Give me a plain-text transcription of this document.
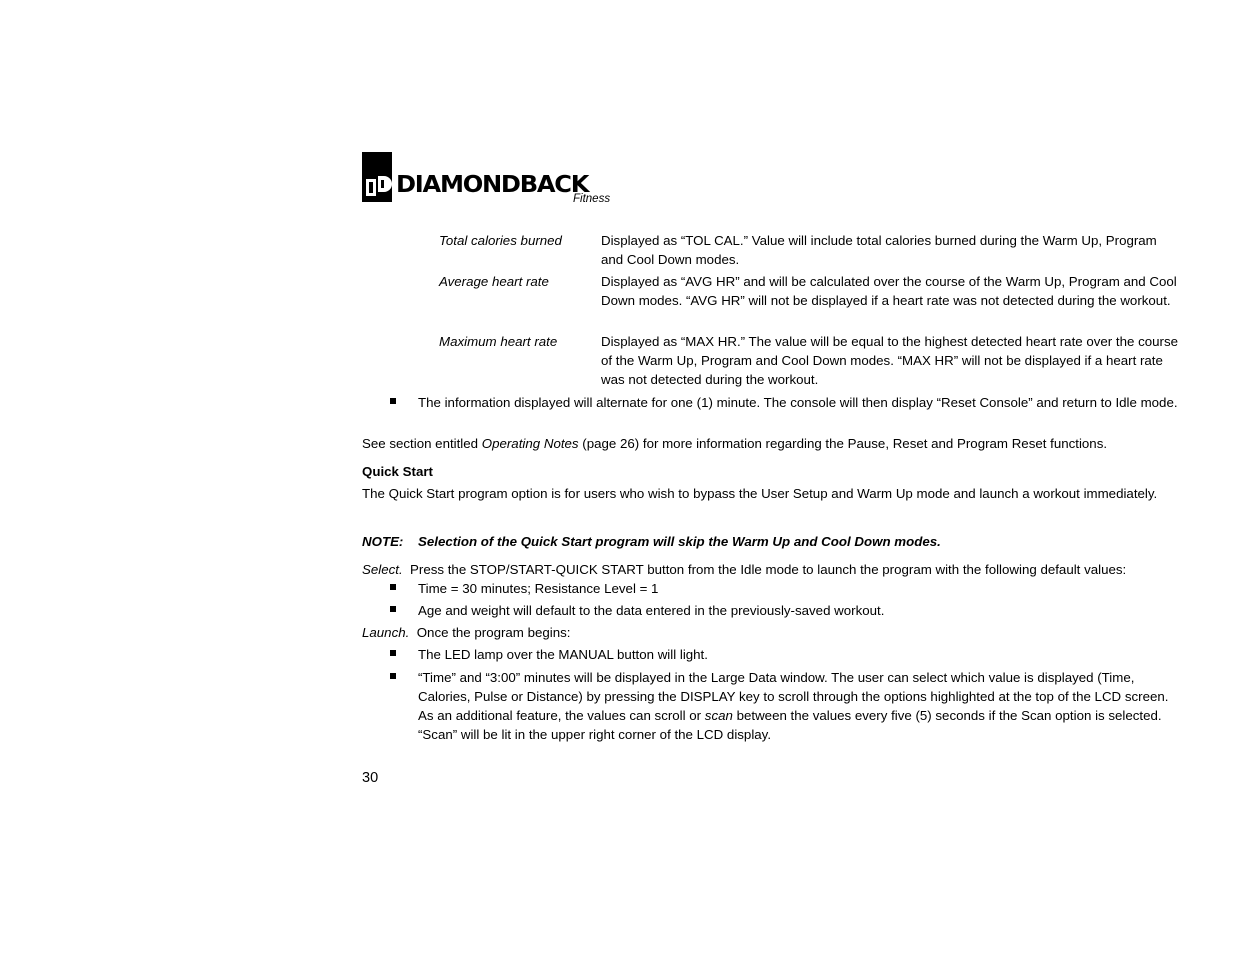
DIAMONDBACK
Fitness
Total calories burned	Displayed as “TOL CAL.” Value will include total calories burned during the Warm Up, Program and Cool Down modes.
Average heart rate	Displayed as “AVG HR” and will be calculated over the course of the Warm Up, Program and Cool Down modes. “AVG HR” will not be displayed if a heart rate was not detected during the workout.
Maximum heart rate	Displayed as “MAX HR.” The value will be equal to the highest detected heart rate over the course of the Warm Up, Program and Cool Down modes. “MAX HR” will not be displayed if a heart rate was not detected during the workout.
The information displayed will alternate for one (1) minute. The console will then display “Reset Console” and return to Idle mode.
See section entitled Operating Notes (page 26) for more information regarding the Pause, Reset and Program Reset functions.
Quick Start
The Quick Start program option is for users who wish to bypass the User Setup and Warm Up mode and launch a workout immediately.
NOTE: Selection of the Quick Start program will skip the Warm Up and Cool Down modes.
Select.  Press the STOP/START-QUICK START button from the Idle mode to launch the program with the following default values:
Time = 30 minutes; Resistance Level = 1
Age and weight will default to the data entered in the previously-saved workout.
Launch.  Once the program begins:
The LED lamp over the MANUAL button will light.
“Time” and “3:00” minutes will be displayed in the Large Data window. The user can select which value is displayed (Time, Calories, Pulse or Distance) by pressing the DISPLAY key to scroll through the options highlighted at the top of the LCD screen. As an additional feature, the values can scroll or scan between the values every five (5) seconds if the Scan option is selected. “Scan” will be lit in the upper right corner of the LCD display.
30
